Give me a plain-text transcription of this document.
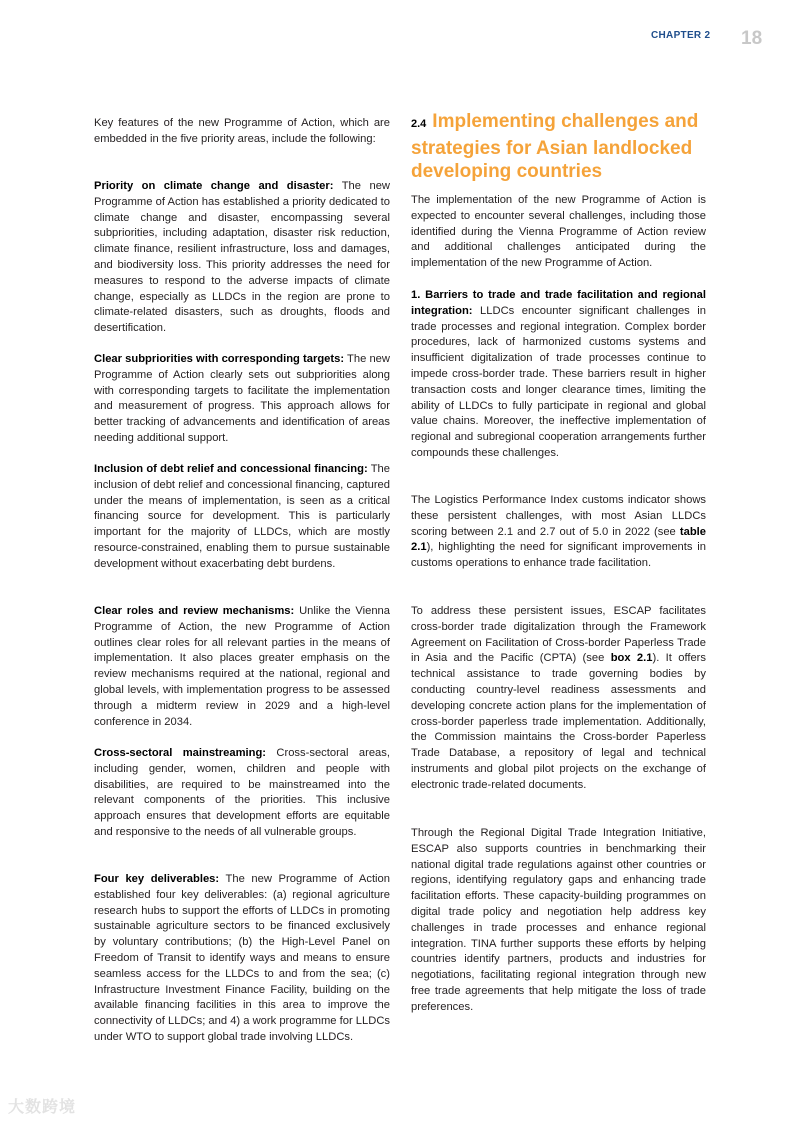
CHAPTER 2 18

Key features of the new Programme of Action, which are embedded in the five priority areas, include the following:

Priority on climate change and disaster: The new Programme of Action has established a priority dedicated to climate change and disaster, encompassing several subpriorities, including adaptation, disaster risk reduction, climate finance, resilient infrastructure, loss and damages, and biodiversity loss. This priority addresses the need for measures to respond to the adverse impacts of climate change, especially as LLDCs in the region are prone to climate-related disasters, such as droughts, floods and desertification.

Clear subpriorities with corresponding targets: The new Programme of Action clearly sets out subpriorities along with corresponding targets to facilitate the implementation and measurement of progress. This approach allows for better tracking of advancements and identification of areas needing additional support.

Inclusion of debt relief and concessional financing: The inclusion of debt relief and concessional financing, captured under the means of implementation, is seen as a critical financing source for development. This is particularly important for the majority of LLDCs, which are mostly resource-constrained, enabling them to pursue sustainable development without exacerbating debt burdens.

Clear roles and review mechanisms: Unlike the Vienna Programme of Action, the new Programme of Action outlines clear roles for all relevant parties in the means of implementation. It also places greater emphasis on the review mechanisms required at the national, regional and global levels, with implementation progress to be assessed through a midterm review in 2029 and a high-level conference in 2034.

Cross-sectoral mainstreaming: Cross-sectoral areas, including gender, women, children and people with disabilities, are required to be mainstreamed into the relevant components of the priorities. This inclusive approach ensures that development efforts are equitable and responsive to the needs of all vulnerable groups.

Four key deliverables: The new Programme of Action established four key deliverables: (a) regional agriculture research hubs to support the efforts of LLDCs in promoting sustainable agriculture sectors to be financed exclusively by voluntary contributions; (b) the High-Level Panel on Freedom of Transit to identify ways and means to ensure seamless access for the LLDCs to and from the sea; (c) Infrastructure Investment Finance Facility, building on the available financing facilities in this area to improve the connectivity of LLDCs; and 4) a work programme for LLDCs under WTO to support global trade involving LLDCs.

2.4 Implementing challenges and strategies for Asian landlocked developing countries

The implementation of the new Programme of Action is expected to encounter several challenges, including those identified during the Vienna Programme of Action review and additional challenges anticipated during the implementation of the new Programme of Action.

1. Barriers to trade and trade facilitation and regional integration: LLDCs encounter significant challenges in trade processes and regional integration. Complex border procedures, lack of harmonized customs systems and insufficient digitalization of trade processes continue to impede cross-border trade. These barriers result in higher transaction costs and longer clearance times, limiting the ability of LLDCs to fully participate in regional and global value chains. Moreover, the ineffective implementation of regional and subregional cooperation arrangements further compounds these challenges.

The Logistics Performance Index customs indicator shows these persistent challenges, with most Asian LLDCs scoring between 2.1 and 2.7 out of 5.0 in 2022 (see table 2.1), highlighting the need for significant improvements in customs operations to enhance trade facilitation.

To address these persistent issues, ESCAP facilitates cross-border trade digitalization through the Framework Agreement on Facilitation of Cross-border Paperless Trade in Asia and the Pacific (CPTA) (see box 2.1). It offers technical assistance to trade governing bodies by conducting country-level readiness assessments and developing concrete action plans for the implementation of cross-border paperless trade implementation. Additionally, the Commission maintains the Cross-border Paperless Trade Database, a repository of legal and technical instruments and global pilot projects on the exchange of electronic trade-related documents.

Through the Regional Digital Trade Integration Initiative, ESCAP also supports countries in benchmarking their national digital trade regulations against other countries or regions, identifying regulatory gaps and enhancing trade facilitation efforts. These capacity-building programmes on digital trade policy and negotiation help address key challenges in trade processes and enhance regional integration. TINA further supports these efforts by helping countries identify partners, products and industries for negotiations, facilitating regional integration through new free trade agreements that help mitigate the loss of trade preferences.

大数跨境
